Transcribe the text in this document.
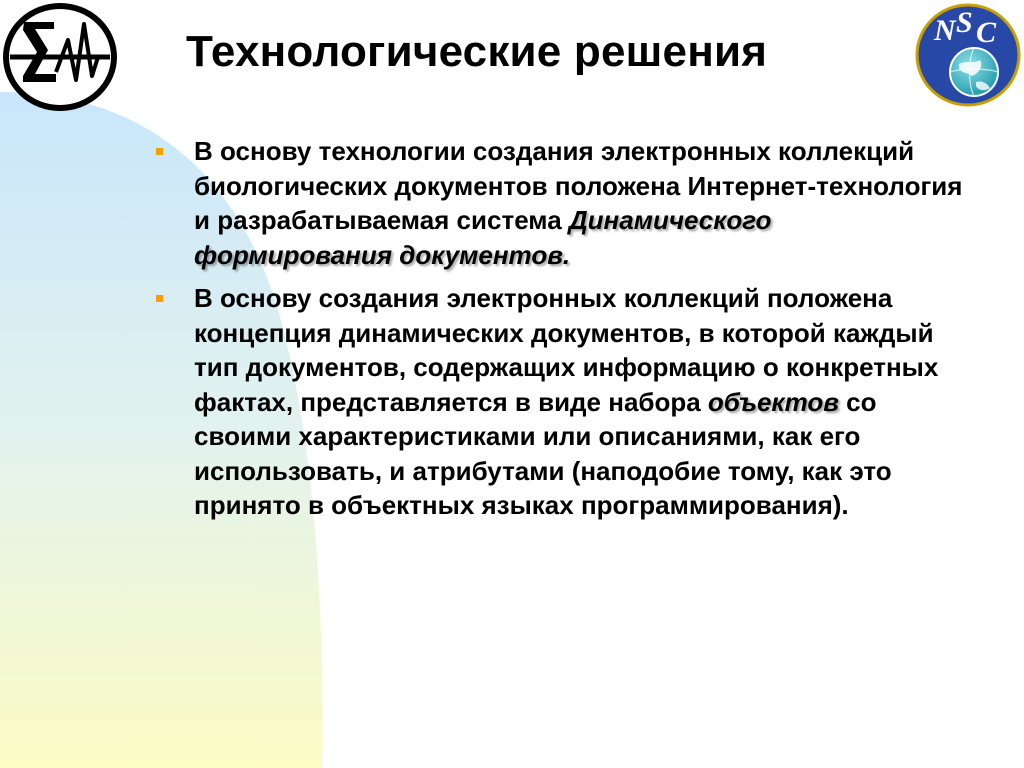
N S C
Технологические решения
В основу технологии создания электронных коллекций биологических документов положена Интернет-технология и разрабатываемая система Динамического формирования документов.
В основу создания электронных коллекций положена концепция динамических документов, в которой каждый тип документов, содержащих информацию о конкретных фактах, представляется в виде набора объектов со своими характеристиками или описаниями, как его использовать, и атрибутами (наподобие тому, как это принято в объектных языках программирования).
